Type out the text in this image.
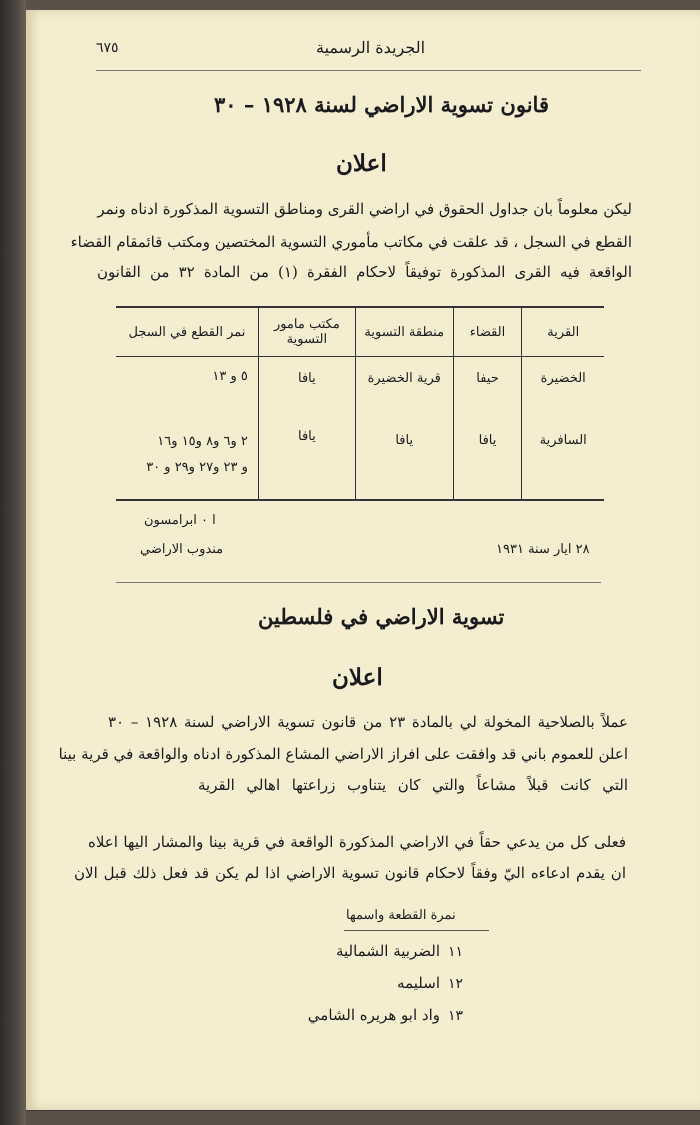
٦٧٥	الجريدة الرسمية
قانون تسوية الاراضي لسنة ١٩٢٨ – ٣٠
اعلان
ليكن معلوماً بان جداول الحقوق في اراضي القرى ومناطق التسوية المذكورة ادناه ونمر
القطع في السجل ، قد علقت في مكاتب مأموري التسوية المختصين ومكتب قائمقام القضاء
الواقعة فيه القرى المذكورة توفيقاً لاحكام الفقرة (١) من المادة ٣٢ من القانون
القرية	القضاء	منطقة التسوية	مكتب مامور
التسوية	نمر القطع في السجل
الخضيرة	حيفا	قرية الخضيرة	يافا	٥ و ١٣

السافرية	يافا	يافا	يافا	٢ و٦ و٨ و١٥ و١٦
و ٢٣ و٢٧ و٢٩ و ٣٠
ا ٠ ابرامسون
مندوب الاراضي	٢٨ ايار سنة ١٩٣١
تسوية الاراضي في فلسطين
اعلان
عملاً بالصلاحية المخولة لي بالمادة ٢٣ من قانون تسوية الاراضي لسنة ١٩٢٨ – ٣٠
اعلن للعموم باني قد وافقت على افراز الاراضي المشاع المذكورة ادناه والواقعة في قرية بينا
التي كانت قبلاً مشاعاً والتي كان يتناوب زراعتها اهالي القرية
فعلى كل من يدعي حقاً في الاراضي المذكورة الواقعة في قرية بينا والمشار اليها اعلاه
ان يقدم ادعاءه اليّ وفقاً لاحكام قانون تسوية الاراضي اذا لم يكن قد فعل ذلك قبل الان
نمرة القطعة واسمها
١١
الضربية الشمالية
١٢
اسليمه
١٣
واد ابو هريره الشامي
